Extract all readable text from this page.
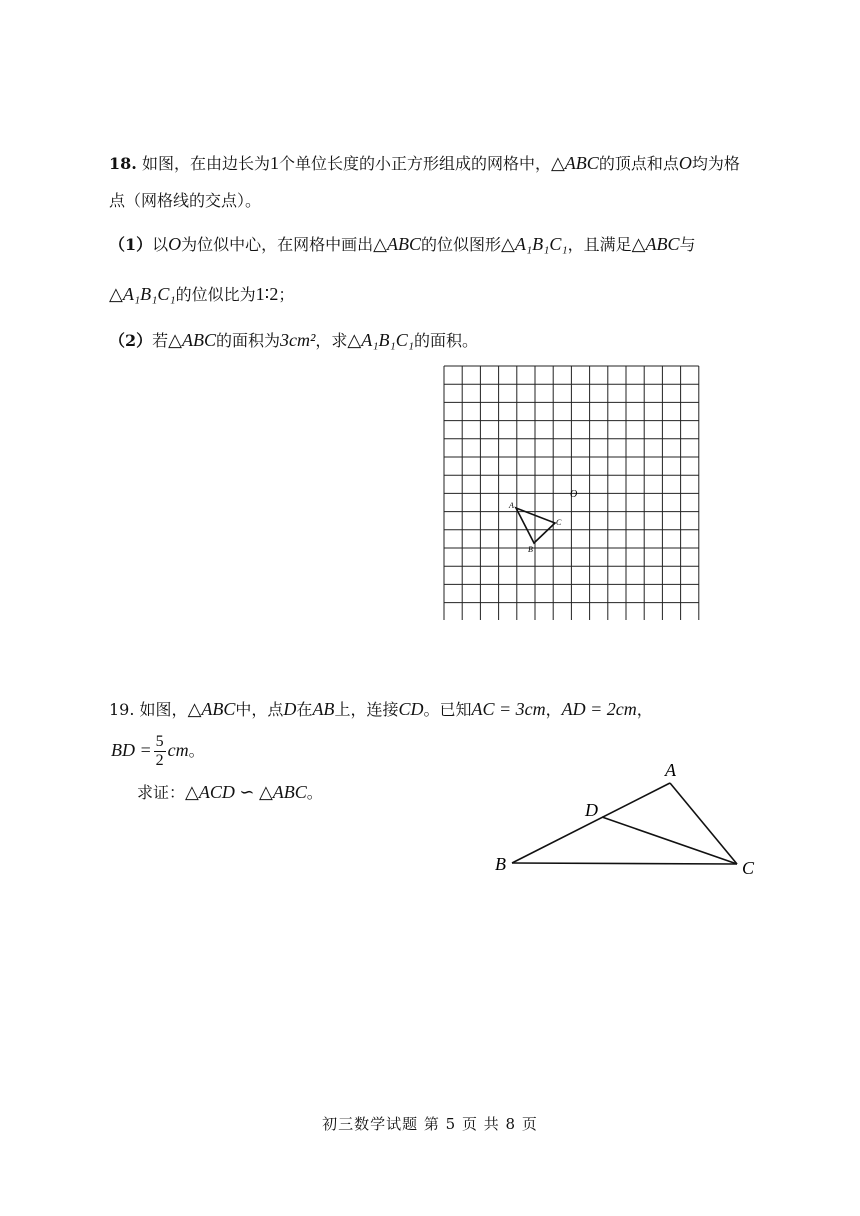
18. 如图，在由边长为1个单位长度的小正方形组成的网格中，△ABC的顶点和点O均为格
点（网格线的交点）。
（1）以O为位似中心，在网格中画出△ABC的位似图形△A₁B₁C₁，且满足△ABC与
△A₁B₁C₁的位似比为1∶2；
（2）若△ABC的面积为3cm²，求△A₁B₁C₁的面积。
A
B
C
O
19. 如图，△ABC中，点D在AB上，连接CD。已知AC = 3cm，AD = 2cm，
BD = $\frac{5}{2}$ cm。
求证：△ACD ∽ △ABC。
A
D
B	C
初三数学试题 第 5 页 共 8 页
